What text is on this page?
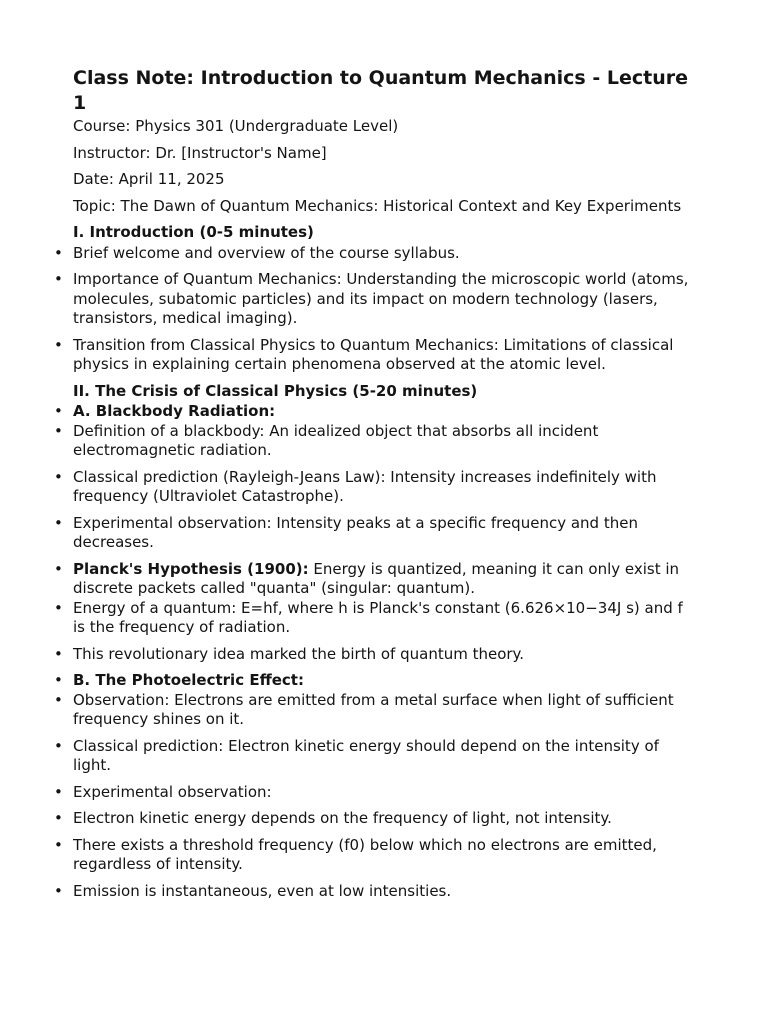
Class Note: Introduction to Quantum Mechanics - Lecture 1

Course: Physics 301 (Undergraduate Level)

Instructor: Dr. [Instructor's Name]

Date: April 11, 2025

Topic: The Dawn of Quantum Mechanics: Historical Context and Key Experiments

I. Introduction (0-5 minutes)

• Brief welcome and overview of the course syllabus.
• Importance of Quantum Mechanics: Understanding the microscopic world (atoms, molecules, subatomic particles) and its impact on modern technology (lasers, transistors, medical imaging).
• Transition from Classical Physics to Quantum Mechanics: Limitations of classical physics in explaining certain phenomena observed at the atomic level.

II. The Crisis of Classical Physics (5-20 minutes)

• A. Blackbody Radiation:
• Definition of a blackbody: An idealized object that absorbs all incident electromagnetic radiation.
• Classical prediction (Rayleigh-Jeans Law): Intensity increases indefinitely with frequency (Ultraviolet Catastrophe).
• Experimental observation: Intensity peaks at a specific frequency and then decreases.
• Planck's Hypothesis (1900): Energy is quantized, meaning it can only exist in discrete packets called "quanta" (singular: quantum).
• Energy of a quantum: E=hf, where h is Planck's constant (6.626×10−34J s) and f is the frequency of radiation.
• This revolutionary idea marked the birth of quantum theory.
• B. The Photoelectric Effect:
• Observation: Electrons are emitted from a metal surface when light of sufficient frequency shines on it.
• Classical prediction: Electron kinetic energy should depend on the intensity of light.
• Experimental observation:
• Electron kinetic energy depends on the frequency of light, not intensity.
• There exists a threshold frequency (f0) below which no electrons are emitted, regardless of intensity.
• Emission is instantaneous, even at low intensities.
